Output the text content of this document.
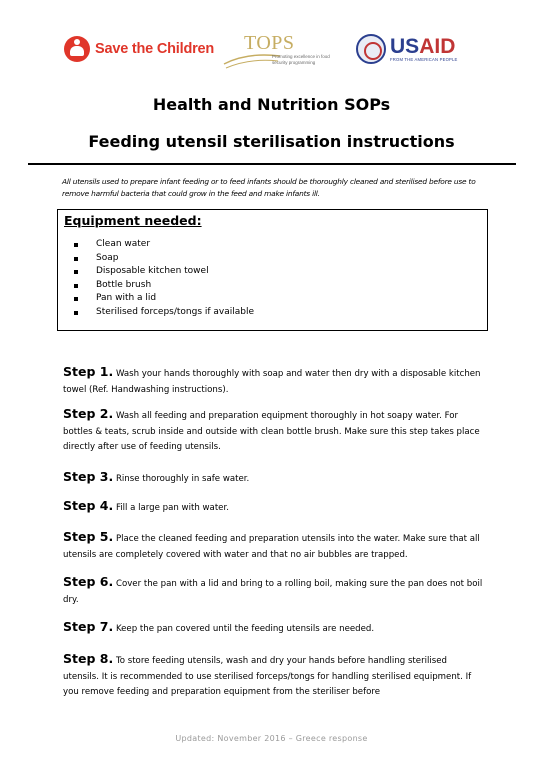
Save the Children TOPS
Promoting excellence in food security programming
USAID
FROM THE AMERICAN PEOPLE
Health and Nutrition SOPs
Feeding utensil sterilisation instructions
All utensils used to prepare infant feeding or to feed infants should be thoroughly cleaned and sterilised before use to remove harmful bacteria that could grow in the feed and make infants ill.
Equipment needed:
Clean water
Soap
Disposable kitchen towel
Bottle brush
Pan with a lid
Sterilised forceps/tongs if available

Step 1. Wash your hands thoroughly with soap and water then dry with a disposable kitchen towel (Ref. Handwashing instructions).

Step 2. Wash all feeding and preparation equipment thoroughly in hot soapy water. For bottles & teats, scrub inside and outside with clean bottle brush. Make sure this step takes place directly after use of feeding utensils.

Step 3. Rinse thoroughly in safe water.

Step 4. Fill a large pan with water.

Step 5. Place the cleaned feeding and preparation utensils into the water. Make sure that all utensils are completely covered with water and that no air bubbles are trapped.

Step 6. Cover the pan with a lid and bring to a rolling boil, making sure the pan does not boil dry.

Step 7. Keep the pan covered until the feeding utensils are needed.

Step 8. To store feeding utensils, wash and dry your hands before handling sterilised utensils. It is recommended to use sterilised forceps/tongs for handling sterilised equipment. If you remove feeding and preparation equipment from the steriliser before

Updated: November 2016 – Greece response
